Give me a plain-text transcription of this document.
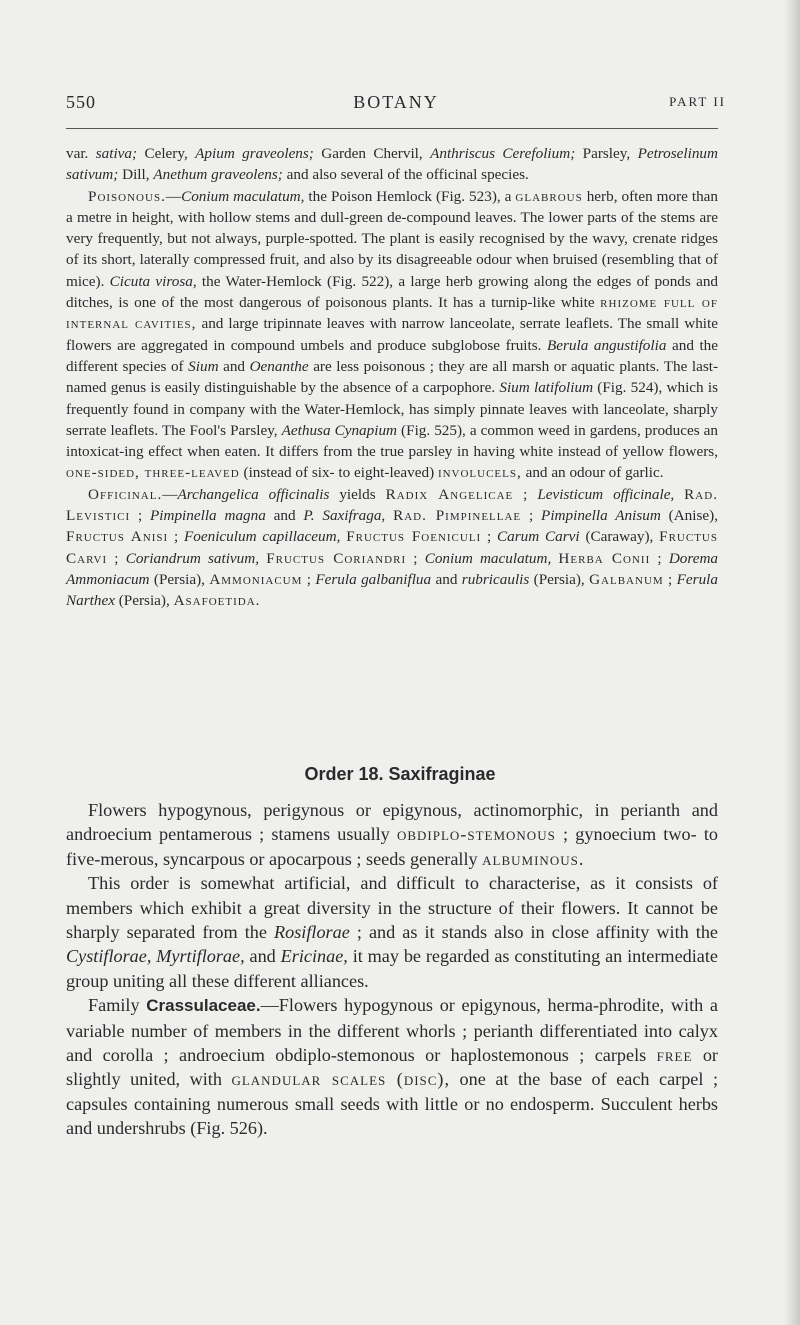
550	BOTANY	PART II

var. sativa; Celery, Apium graveolens; Garden Chervil, Anthriscus Cerefolium; Parsley, Petroselinum sativum; Dill, Anethum graveolens; and also several of the officinal species.

Poisonous.—Conium maculatum, the Poison Hemlock (Fig. 523), a glabrous herb, often more than a metre in height, with hollow stems and dull-green de-compound leaves. The lower parts of the stems are very frequently, but not always, purple-spotted. The plant is easily recognised by the wavy, crenate ridges of its short, laterally compressed fruit, and also by its disagreeable odour when bruised (resembling that of mice). Cicuta virosa, the Water-Hemlock (Fig. 522), a large herb growing along the edges of ponds and ditches, is one of the most dangerous of poisonous plants. It has a turnip-like white rhizome full of internal cavities, and large tripinnate leaves with narrow lanceolate, serrate leaflets. The small white flowers are aggregated in compound umbels and produce subglobose fruits. Berula angustifolia and the different species of Sium and Oenanthe are less poisonous ; they are all marsh or aquatic plants. The last-named genus is easily distinguishable by the absence of a carpophore. Sium latifolium (Fig. 524), which is frequently found in company with the Water-Hemlock, has simply pinnate leaves with lanceolate, sharply serrate leaflets. The Fool's Parsley, Aethusa Cynapium (Fig. 525), a common weed in gardens, produces an intoxicat-ing effect when eaten. It differs from the true parsley in having white instead of yellow flowers, one-sided, three-leaved (instead of six- to eight-leaved) involucels, and an odour of garlic.

Officinal.—Archangelica officinalis yields Radix Angelicae ; Levisticum officinale, Rad. Levistici ; Pimpinella magna and P. Saxifraga, Rad. Pimpinellae ; Pimpinella Anisum (Anise), Fructus Anisi ; Foeniculum capillaceum, Fructus Foeniculi ; Carum Carvi (Caraway), Fructus Carvi ; Coriandrum sativum, Fructus Coriandri ; Conium maculatum, Herba Conii ; Dorema Ammoniacum (Persia), Ammoniacum ; Ferula galbaniflua and rubricaulis (Persia), Galbanum ; Ferula Narthex (Persia), Asafoetida.

Order 18. Saxifraginae

Flowers hypogynous, perigynous or epigynous, actinomorphic, in perianth and androecium pentamerous ; stamens usually obdiplo-stemonous ; gynoecium two- to five-merous, syncarpous or apocarpous ; seeds generally albuminous.

This order is somewhat artificial, and difficult to characterise, as it consists of members which exhibit a great diversity in the structure of their flowers. It cannot be sharply separated from the Rosiflorae ; and as it stands also in close affinity with the Cystiflorae, Myrtiflorae, and Ericinae, it may be regarded as constituting an intermediate group uniting all these different alliances.

Family Crassulaceae.—Flowers hypogynous or epigynous, herma-phrodite, with a variable number of members in the different whorls ; perianth differentiated into calyx and corolla ; androecium obdiplo-stemonous or haplostemonous ; carpels free or slightly united, with glandular scales (disc), one at the base of each carpel ; capsules containing numerous small seeds with little or no endosperm. Succulent herbs and undershrubs (Fig. 526).
